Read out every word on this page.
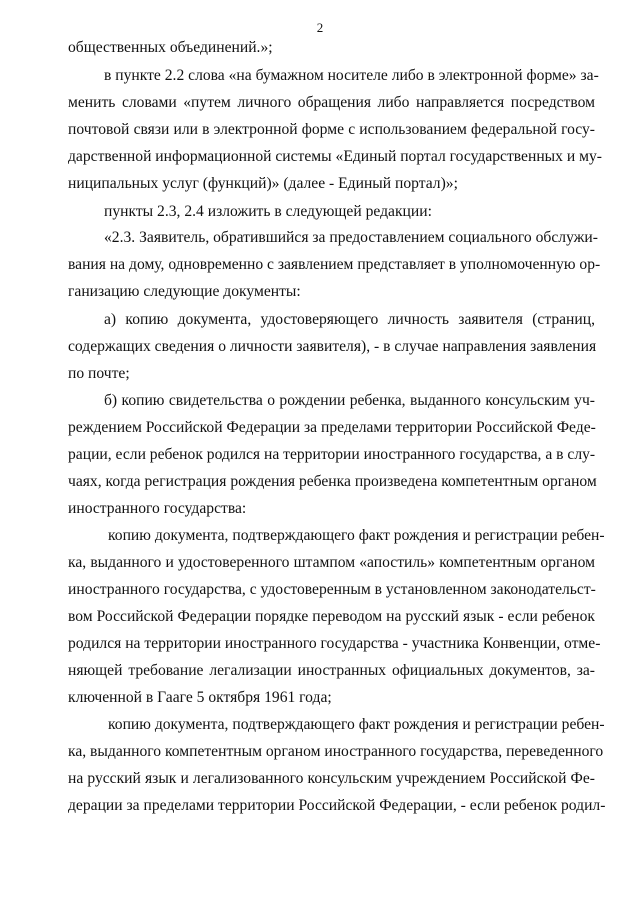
2
общественных объединений.»;
в пункте 2.2 слова «на бумажном носителе либо в электронной форме» за-
менить словами «путем личного обращения либо направляется посредством
почтовой связи или в электронной форме с использованием федеральной госу-
дарственной информационной системы «Единый портал государственных и му-
ниципальных услуг (функций)» (далее - Единый портал)»;
пункты 2.3, 2.4 изложить в следующей редакции:
«2.3. Заявитель, обратившийся за предоставлением социального обслужи-
вания на дому, одновременно с заявлением представляет в уполномоченную ор-
ганизацию следующие документы:
а) копию документа, удостоверяющего личность заявителя (страниц,
содержащих сведения о личности заявителя), - в случае направления заявления
по почте;
б) копию свидетельства о рождении ребенка, выданного консульским уч-
реждением Российской Федерации за пределами территории Российской Феде-
рации, если ребенок родился на территории иностранного государства, а в слу-
чаях, когда регистрация рождения ребенка произведена компетентным органом
иностранного государства:
копию документа, подтверждающего факт рождения и регистрации ребен-
ка, выданного и удостоверенного штампом «апостиль» компетентным органом
иностранного государства, с удостоверенным в установленном законодательст-
вом Российской Федерации порядке переводом на русский язык - если ребенок
родился на территории иностранного государства - участника Конвенции, отме-
няющей требование легализации иностранных официальных документов, за-
ключенной в Гааге 5 октября 1961 года;
копию документа, подтверждающего факт рождения и регистрации ребен-
ка, выданного компетентным органом иностранного государства, переведенного
на русский язык и легализованного консульским учреждением Российской Фе-
дерации за пределами территории Российской Федерации, - если ребенок родил-
